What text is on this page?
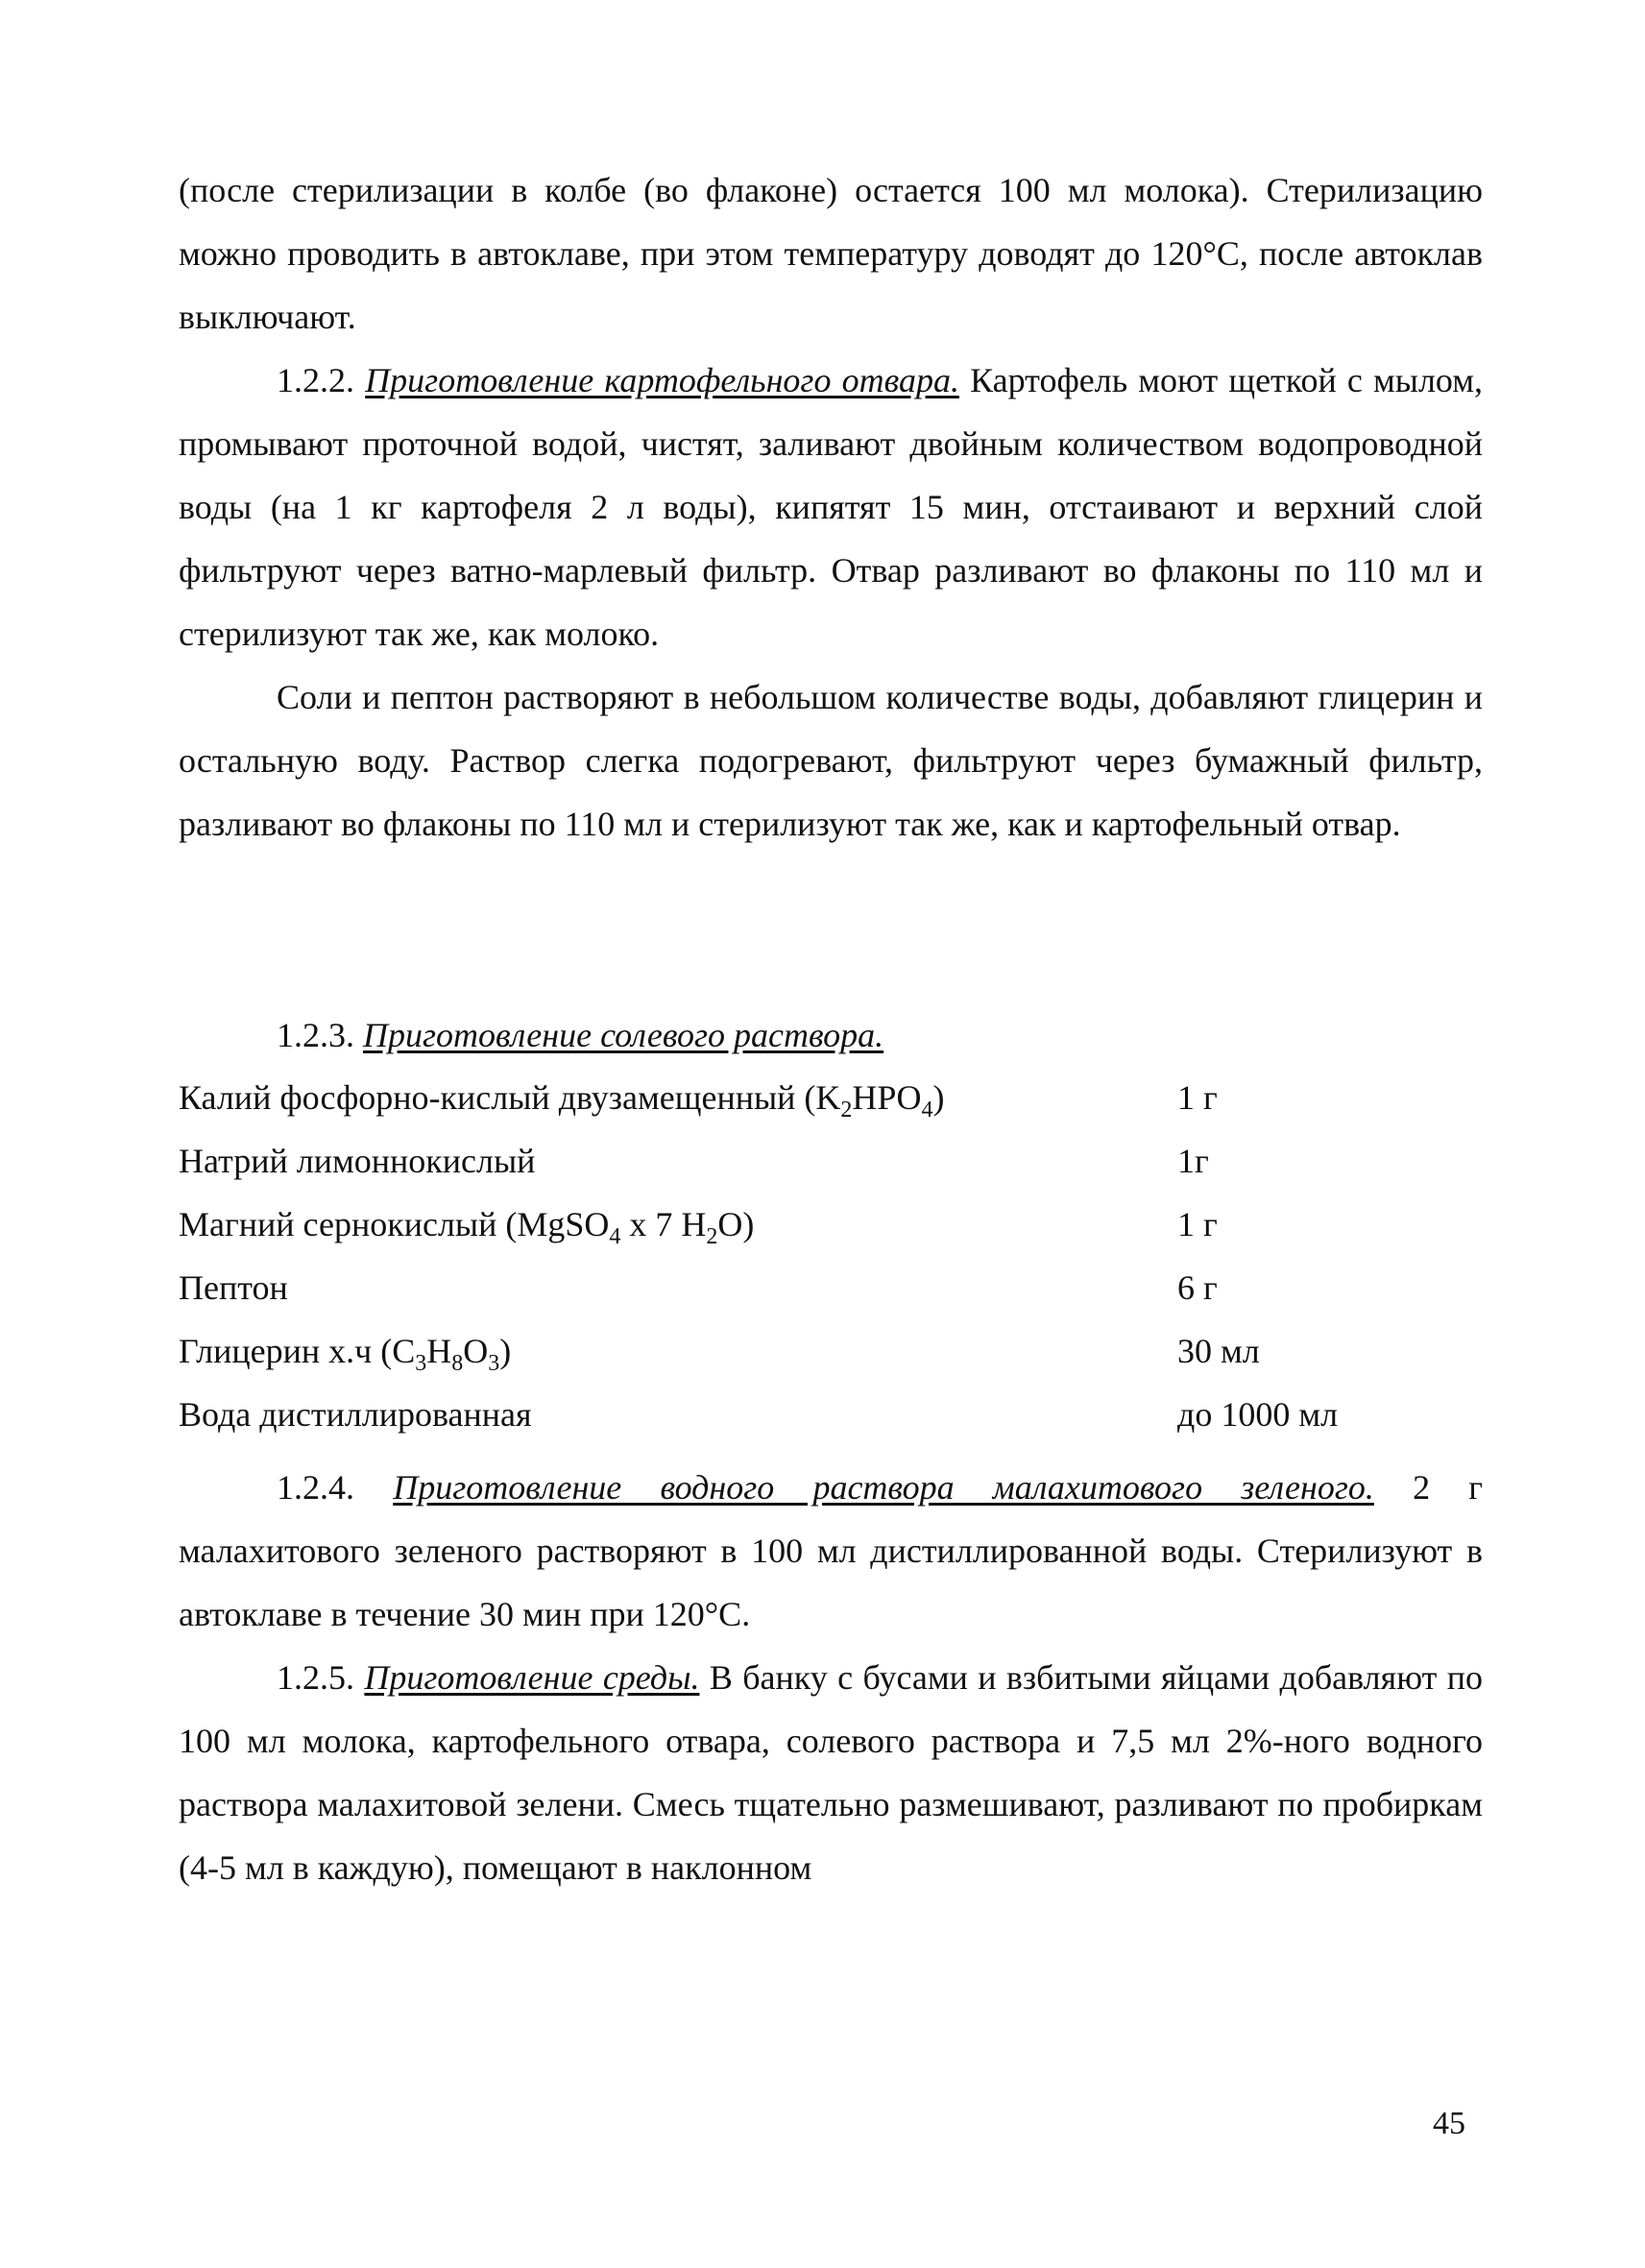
(после стерилизации в колбе (во флаконе) остается 100 мл молока). Стерилизацию можно проводить в автоклаве, при этом температуру доводят до 120°С, после автоклав выключают.

1.2.2. Приготовление картофельного отвара. Картофель моют щеткой с мылом, промывают проточной водой, чистят, заливают двойным количеством водопроводной воды (на 1 кг картофеля 2 л воды), кипятят 15 мин, отстаивают и верхний слой фильтруют через ватно-марлевый фильтр. Отвар разливают во флаконы по 110 мл и стерилизуют так же, как молоко.

Соли и пептон растворяют в небольшом количестве воды, добавляют глицерин и остальную воду. Раствор слегка подогревают, фильтруют через бумажный фильтр, разливают во флаконы по 110 мл и стерилизуют так же, как и картофельный отвар.

1.2.3. Приготовление солевого раствора.

Калий фосфорно-кислый двузамещенный $(K_2HPO_4)$	1 г
Натрий лимоннокислый	1г
Магний сернокислый (MgSO$_4$ x 7 $H_2O$)	1 г
Пептон	6 г
Глицерин х.ч $(C_3H_8O_3)$	30 мл
Вода дистиллированная	до 1000 мл

1.2.4. Приготовление водного раствора малахитового зеленого. 2 г малахитового зеленого растворяют в 100 мл дистиллированной воды. Стерилизуют в автоклаве в течение 30 мин при 120°С.

1.2.5. Приготовление среды. В банку с бусами и взбитыми яйцами добавляют по 100 мл молока, картофельного отвара, солевого раствора и 7,5 мл 2%-ного водного раствора малахитовой зелени. Смесь тщательно размешивают, разливают по пробиркам (4-5 мл в каждую), помещают в наклонном

45
